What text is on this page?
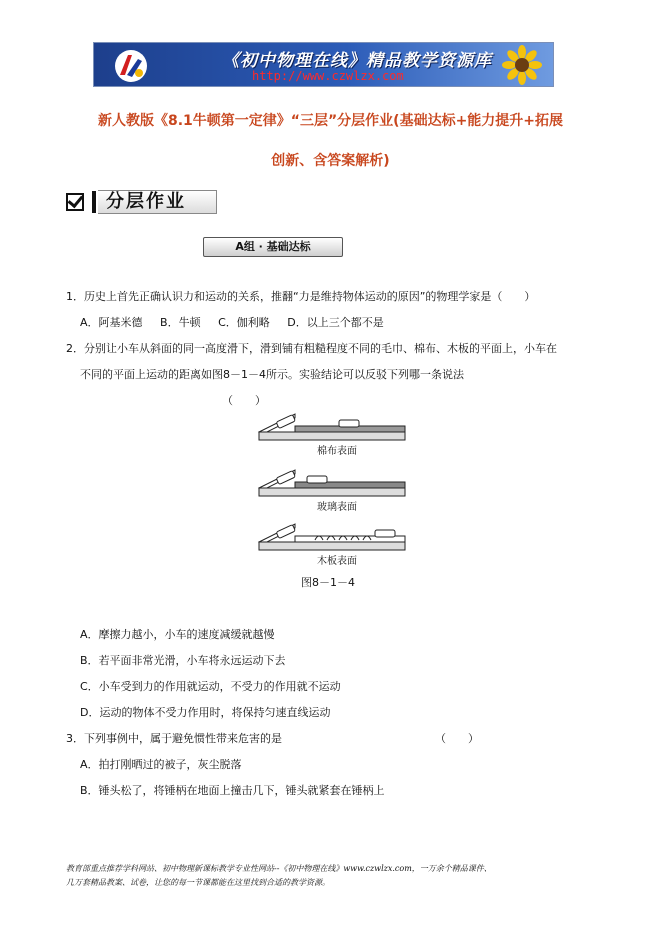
《初中物理在线》精品教学资源库
http://www.czwlzx.com
新人教版《8.1牛顿第一定律》“三层”分层作业(基础达标+能力提升+拓展
创新、含答案解析)
分层作业
A组 · 基础达标
1．历史上首先正确认识力和运动的关系，推翻“力是维持物体运动的原因”的物理学家是（　　）
A．阿基米德 B．牛顿 C．伽利略 D．以上三个都不是
2．分别让小车从斜面的同一高度滑下，滑到铺有粗糙程度不同的毛巾、棉布、木板的平面上，小车在
不同的平面上运动的距离如图8－1－4所示。实验结论可以反驳下列哪一条说法
（　　）
棉布表面
玻璃表面
木板表面
图8－1－4
A．摩擦力越小，小车的速度减缓就越慢
B．若平面非常光滑，小车将永远运动下去
C．小车受到力的作用就运动，不受力的作用就不运动
D．运动的物体不受力作用时，将保持匀速直线运动
3．下列事例中，属于避免惯性带来危害的是	（　　）
A．拍打刚晒过的被子，灰尘脱落
B．锤头松了，将锤柄在地面上撞击几下，锤头就紧套在锤柄上
教育部重点推荐学科网站、初中物理新课标教学专业性网站--《初中物理在线》www.czwlzx.com，一万余个精品课件、
几万套精品教案、试卷，让您的每一节课都能在这里找到合适的教学资源。
